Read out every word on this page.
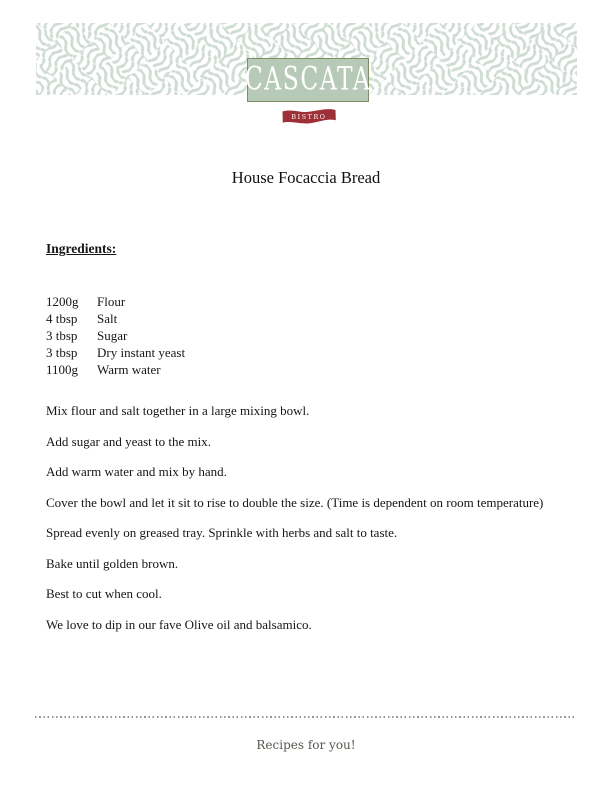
CASCATA
BISTRO
House Focaccia Bread
Ingredients:
1200g Flour
4 tbsp Salt
3 tbsp Sugar
3 tbsp Dry instant yeast
1100g Warm water

Mix flour and salt together in a large mixing bowl.

Add sugar and yeast to the mix.

Add warm water and mix by hand.

Cover the bowl and let it sit to rise to double the size. (Time is dependent on room temperature)

Spread evenly on greased tray. Sprinkle with herbs and salt to taste.

Bake until golden brown.

Best to cut when cool.

We love to dip in our fave Olive oil and balsamico.

Recipes for you!
